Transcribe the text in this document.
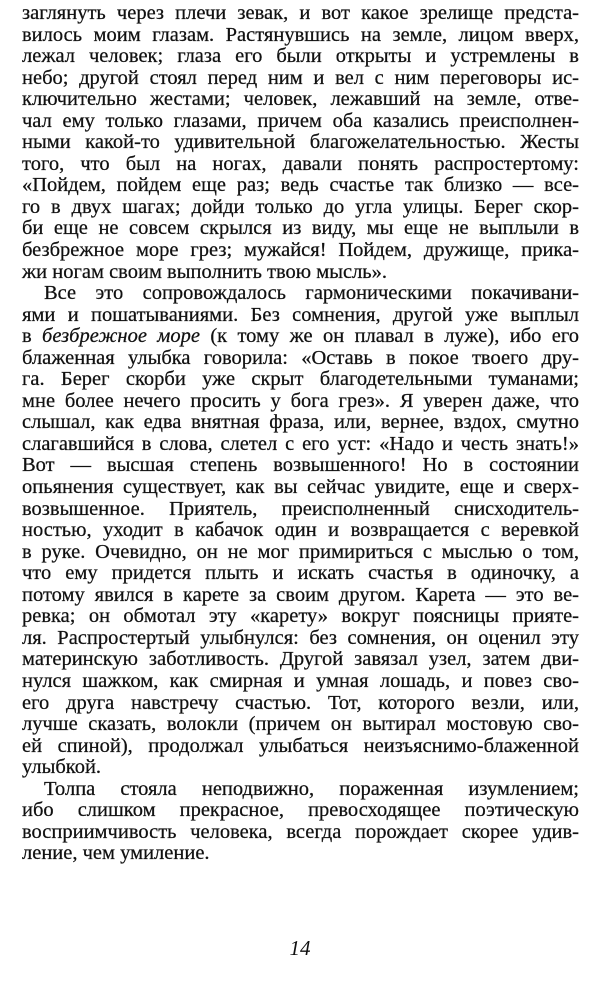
заглянуть через плечи зевак, и вот какое зрелище предста-
вилось моим глазам. Растянувшись на земле, лицом вверх,
лежал человек; глаза его были открыты и устремлены в
небо; другой стоял перед ним и вел с ним переговоры ис-
ключительно жестами; человек, лежавший на земле, отве-
чал ему только глазами, причем оба казались преисполнен-
ными какой-то удивительной благожелательностью. Жесты
того, что был на ногах, давали понять распростертому:
«Пойдем, пойдем еще раз; ведь счастье так близко — все-
го в двух шагах; дойди только до угла улицы. Берег скор-
би еще не совсем скрылся из виду, мы еще не выплыли в
безбрежное море грез; мужайся! Пойдем, дружище, прика-
жи ногам своим выполнить твою мысль».
Все это сопровождалось гармоническими покачивани-
ями и пошатываниями. Без сомнения, другой уже выплыл
в безбрежное море (к тому же он плавал в луже), ибо его
блаженная улыбка говорила: «Оставь в покое твоего дру-
га. Берег скорби уже скрыт благодетельными туманами;
мне более нечего просить у бога грез». Я уверен даже, что
слышал, как едва внятная фраза, или, вернее, вздох, смутно
слагавшийся в слова, слетел с его уст: «Надо и честь знать!»
Вот — высшая степень возвышенного! Но в состоянии
опьянения существует, как вы сейчас увидите, еще и сверх-
возвышенное. Приятель, преисполненный снисходитель-
ностью, уходит в кабачок один и возвращается с веревкой
в руке. Очевидно, он не мог примириться с мыслью о том,
что ему придется плыть и искать счастья в одиночку, а
потому явился в карете за своим другом. Карета — это ве-
ревка; он обмотал эту «карету» вокруг поясницы прияте-
ля. Распростертый улыбнулся: без сомнения, он оценил эту
материнскую заботливость. Другой завязал узел, затем дви-
нулся шажком, как смирная и умная лошадь, и повез сво-
его друга навстречу счастью. Тот, которого везли, или,
лучше сказать, волокли (причем он вытирал мостовую сво-
ей спиной), продолжал улыбаться неизъяснимо-блаженной
улыбкой.
Толпа стояла неподвижно, пораженная изумлением;
ибо слишком прекрасное, превосходящее поэтическую
восприимчивость человека, всегда порождает скорее удив-
ление, чем умиление.
14
